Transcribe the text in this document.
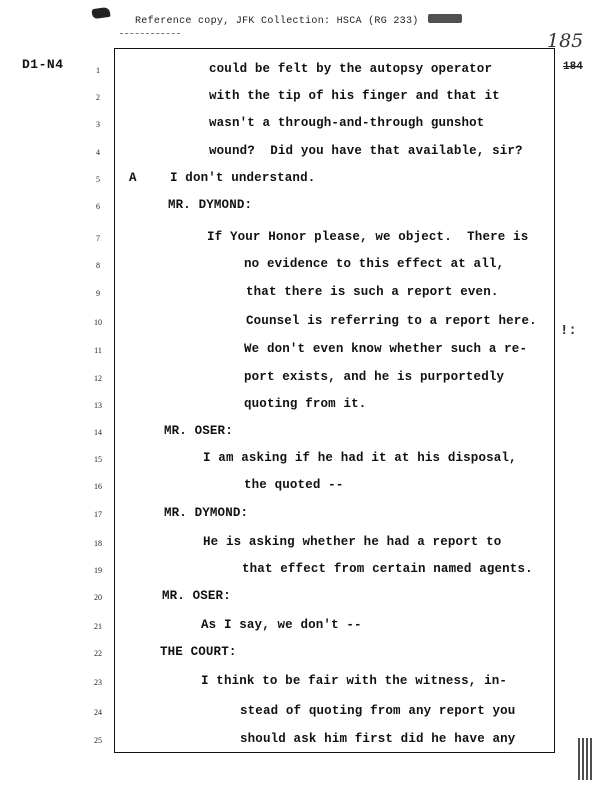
Reference copy, JFK Collection: HSCA (RG 233)
D1-N4
185
184
1	could be felt by the autopsy operator
2	with the tip of his finger and that it
3	wasn't a through-and-through gunshot
4	wound?  Did you have that available, sir?
5	A	I don't understand.
6	MR. DYMOND:
7	If Your Honor please, we object.  There is
8	no evidence to this effect at all,
9	that there is such a report even.
10	Counsel is referring to a report here.
11	We don't even know whether such a re-
12	port exists, and he is purportedly
13	quoting from it.
14	MR. OSER:
15	I am asking if he had it at his disposal,
16	the quoted --
17	MR. DYMOND:
18	He is asking whether he had a report to
19	that effect from certain named agents.
20	MR. OSER:
21	As I say, we don't --
22	THE COURT:
23	I think to be fair with the witness, in-
24	stead of quoting from any report you
25	should ask him first did he have any
!:
